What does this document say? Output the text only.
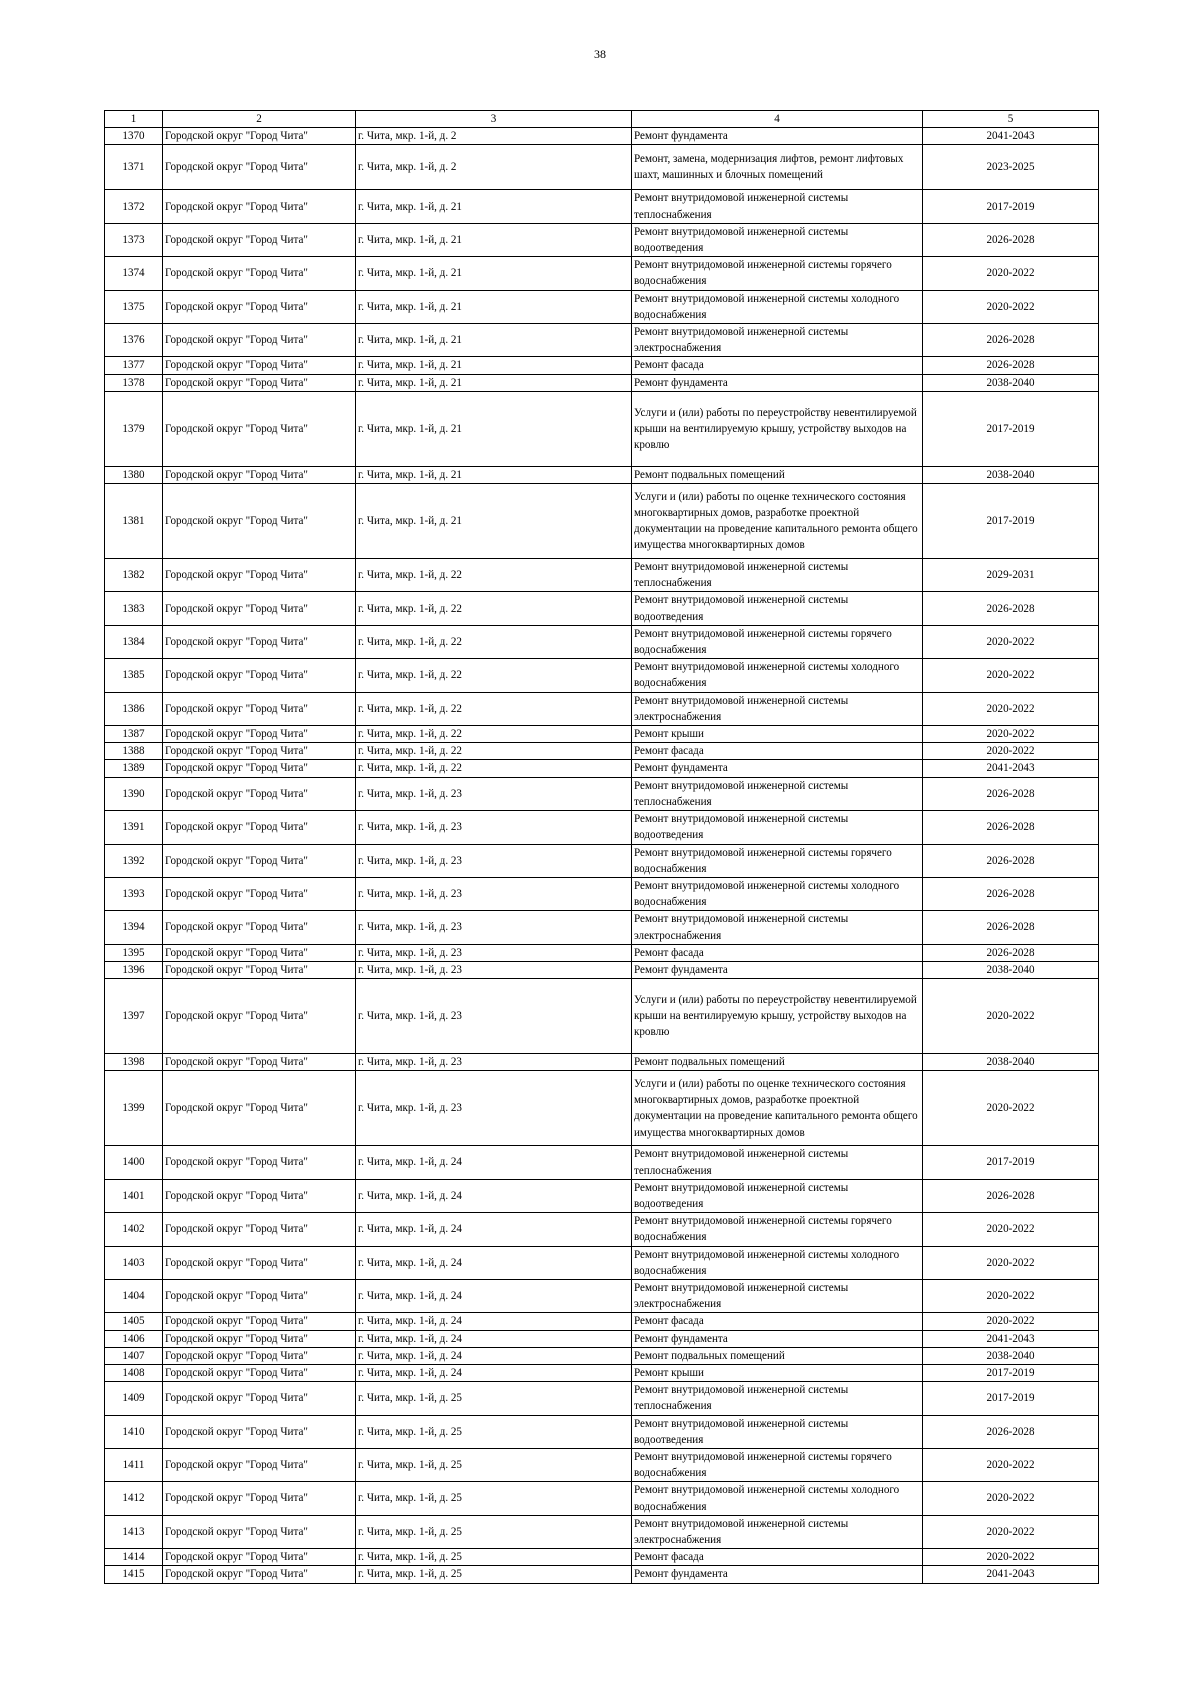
38
1	2	3	4	5
1370	Городской округ "Город Чита"	г. Чита, мкр. 1-й, д. 2	Ремонт фундамента	2041-2043
1371	Городской округ "Город Чита"	г. Чита, мкр. 1-й, д. 2	Ремонт, замена, модернизация лифтов, ремонт лифтовых шахт, машинных и блочных помещений	2023-2025
1372	Городской округ "Город Чита"	г. Чита, мкр. 1-й, д. 21	Ремонт внутридомовой инженерной системы теплоснабжения	2017-2019
1373	Городской округ "Город Чита"	г. Чита, мкр. 1-й, д. 21	Ремонт внутридомовой инженерной системы водоотведения	2026-2028
1374	Городской округ "Город Чита"	г. Чита, мкр. 1-й, д. 21	Ремонт внутридомовой инженерной системы горячего водоснабжения	2020-2022
1375	Городской округ "Город Чита"	г. Чита, мкр. 1-й, д. 21	Ремонт внутридомовой инженерной системы холодного водоснабжения	2020-2022
1376	Городской округ "Город Чита"	г. Чита, мкр. 1-й, д. 21	Ремонт внутридомовой инженерной системы электроснабжения	2026-2028
1377	Городской округ "Город Чита"	г. Чита, мкр. 1-й, д. 21	Ремонт фасада	2026-2028
1378	Городской округ "Город Чита"	г. Чита, мкр. 1-й, д. 21	Ремонт фундамента	2038-2040
1379	Городской округ "Город Чита"	г. Чита, мкр. 1-й, д. 21	Услуги и (или) работы по переустройству невентилируемой крыши на вентилируемую крышу, устройству выходов на кровлю	2017-2019
1380	Городской округ "Город Чита"	г. Чита, мкр. 1-й, д. 21	Ремонт подвальных помещений	2038-2040
1381	Городской округ "Город Чита"	г. Чита, мкр. 1-й, д. 21	Услуги и (или) работы по оценке технического состояния многоквартирных домов, разработке проектной документации на проведение капитального ремонта общего имущества многоквартирных домов	2017-2019
1382	Городской округ "Город Чита"	г. Чита, мкр. 1-й, д. 22	Ремонт внутридомовой инженерной системы теплоснабжения	2029-2031
1383	Городской округ "Город Чита"	г. Чита, мкр. 1-й, д. 22	Ремонт внутридомовой инженерной системы водоотведения	2026-2028
1384	Городской округ "Город Чита"	г. Чита, мкр. 1-й, д. 22	Ремонт внутридомовой инженерной системы горячего водоснабжения	2020-2022
1385	Городской округ "Город Чита"	г. Чита, мкр. 1-й, д. 22	Ремонт внутридомовой инженерной системы холодного водоснабжения	2020-2022
1386	Городской округ "Город Чита"	г. Чита, мкр. 1-й, д. 22	Ремонт внутридомовой инженерной системы электроснабжения	2020-2022
1387	Городской округ "Город Чита"	г. Чита, мкр. 1-й, д. 22	Ремонт крыши	2020-2022
1388	Городской округ "Город Чита"	г. Чита, мкр. 1-й, д. 22	Ремонт фасада	2020-2022
1389	Городской округ "Город Чита"	г. Чита, мкр. 1-й, д. 22	Ремонт фундамента	2041-2043
1390	Городской округ "Город Чита"	г. Чита, мкр. 1-й, д. 23	Ремонт внутридомовой инженерной системы теплоснабжения	2026-2028
1391	Городской округ "Город Чита"	г. Чита, мкр. 1-й, д. 23	Ремонт внутридомовой инженерной системы водоотведения	2026-2028
1392	Городской округ "Город Чита"	г. Чита, мкр. 1-й, д. 23	Ремонт внутридомовой инженерной системы горячего водоснабжения	2026-2028
1393	Городской округ "Город Чита"	г. Чита, мкр. 1-й, д. 23	Ремонт внутридомовой инженерной системы холодного водоснабжения	2026-2028
1394	Городской округ "Город Чита"	г. Чита, мкр. 1-й, д. 23	Ремонт внутридомовой инженерной системы электроснабжения	2026-2028
1395	Городской округ "Город Чита"	г. Чита, мкр. 1-й, д. 23	Ремонт фасада	2026-2028
1396	Городской округ "Город Чита"	г. Чита, мкр. 1-й, д. 23	Ремонт фундамента	2038-2040
1397	Городской округ "Город Чита"	г. Чита, мкр. 1-й, д. 23	Услуги и (или) работы по переустройству невентилируемой крыши на вентилируемую крышу, устройству выходов на кровлю	2020-2022
1398	Городской округ "Город Чита"	г. Чита, мкр. 1-й, д. 23	Ремонт подвальных помещений	2038-2040
1399	Городской округ "Город Чита"	г. Чита, мкр. 1-й, д. 23	Услуги и (или) работы по оценке технического состояния многоквартирных домов, разработке проектной документации на проведение капитального ремонта общего имущества многоквартирных домов	2020-2022
1400	Городской округ "Город Чита"	г. Чита, мкр. 1-й, д. 24	Ремонт внутридомовой инженерной системы теплоснабжения	2017-2019
1401	Городской округ "Город Чита"	г. Чита, мкр. 1-й, д. 24	Ремонт внутридомовой инженерной системы водоотведения	2026-2028
1402	Городской округ "Город Чита"	г. Чита, мкр. 1-й, д. 24	Ремонт внутридомовой инженерной системы горячего водоснабжения	2020-2022
1403	Городской округ "Город Чита"	г. Чита, мкр. 1-й, д. 24	Ремонт внутридомовой инженерной системы холодного водоснабжения	2020-2022
1404	Городской округ "Город Чита"	г. Чита, мкр. 1-й, д. 24	Ремонт внутридомовой инженерной системы электроснабжения	2020-2022
1405	Городской округ "Город Чита"	г. Чита, мкр. 1-й, д. 24	Ремонт фасада	2020-2022
1406	Городской округ "Город Чита"	г. Чита, мкр. 1-й, д. 24	Ремонт фундамента	2041-2043
1407	Городской округ "Город Чита"	г. Чита, мкр. 1-й, д. 24	Ремонт подвальных помещений	2038-2040
1408	Городской округ "Город Чита"	г. Чита, мкр. 1-й, д. 24	Ремонт крыши	2017-2019
1409	Городской округ "Город Чита"	г. Чита, мкр. 1-й, д. 25	Ремонт внутридомовой инженерной системы теплоснабжения	2017-2019
1410	Городской округ "Город Чита"	г. Чита, мкр. 1-й, д. 25	Ремонт внутридомовой инженерной системы водоотведения	2026-2028
1411	Городской округ "Город Чита"	г. Чита, мкр. 1-й, д. 25	Ремонт внутридомовой инженерной системы горячего водоснабжения	2020-2022
1412	Городской округ "Город Чита"	г. Чита, мкр. 1-й, д. 25	Ремонт внутридомовой инженерной системы холодного водоснабжения	2020-2022
1413	Городской округ "Город Чита"	г. Чита, мкр. 1-й, д. 25	Ремонт внутридомовой инженерной системы электроснабжения	2020-2022
1414	Городской округ "Город Чита"	г. Чита, мкр. 1-й, д. 25	Ремонт фасада	2020-2022
1415	Городской округ "Город Чита"	г. Чита, мкр. 1-й, д. 25	Ремонт фундамента	2041-2043
